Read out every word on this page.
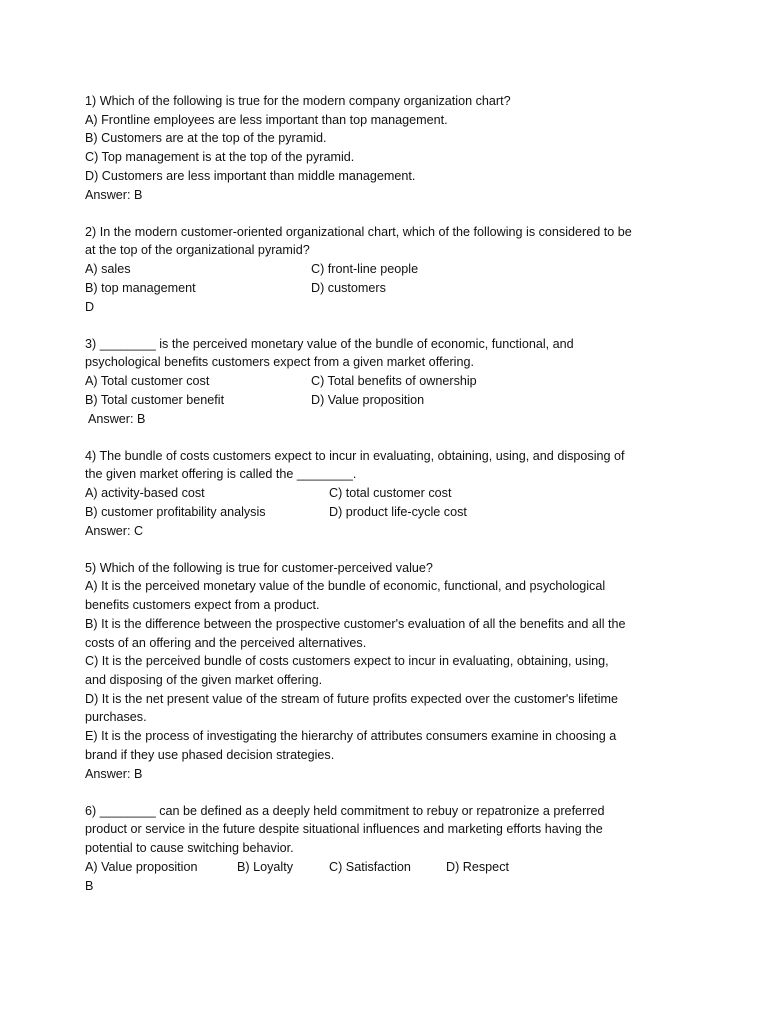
1) Which of the following is true for the modern company organization chart?
A) Frontline employees are less important than top management.
B) Customers are at the top of the pyramid.
C) Top management is at the top of the pyramid.
D) Customers are less important than middle management.
Answer: B
2) In the modern customer-oriented organizational chart, which of the following is considered to be at the top of the organizational pyramid?
A) sales	C) front-line people
B) top management	D) customers
D
3) ________ is the perceived monetary value of the bundle of economic, functional, and psychological benefits customers expect from a given market offering.
A) Total customer cost	C) Total benefits of ownership
B) Total customer benefit	D) Value proposition
Answer: B
4) The bundle of costs customers expect to incur in evaluating, obtaining, using, and disposing of the given market offering is called the ________.
A) activity-based cost	C) total customer cost
B) customer profitability analysis	D) product life-cycle cost
Answer: C
5) Which of the following is true for customer-perceived value?
A) It is the perceived monetary value of the bundle of economic, functional, and psychological
benefits customers expect from a product.
B) It is the difference between the prospective customer's evaluation of all the benefits and all the
costs of an offering and the perceived alternatives.
C) It is the perceived bundle of costs customers expect to incur in evaluating, obtaining, using,
and disposing of the given market offering.
D) It is the net present value of the stream of future profits expected over the customer's lifetime
purchases.
E) It is the process of investigating the hierarchy of attributes consumers examine in choosing a
brand if they use phased decision strategies.
Answer: B
6) ________ can be defined as a deeply held commitment to rebuy or repatronize a preferred product or service in the future despite situational influences and marketing efforts having the potential to cause switching behavior.
A) Value proposition	B) Loyalty	C) Satisfaction	D) Respect
B
